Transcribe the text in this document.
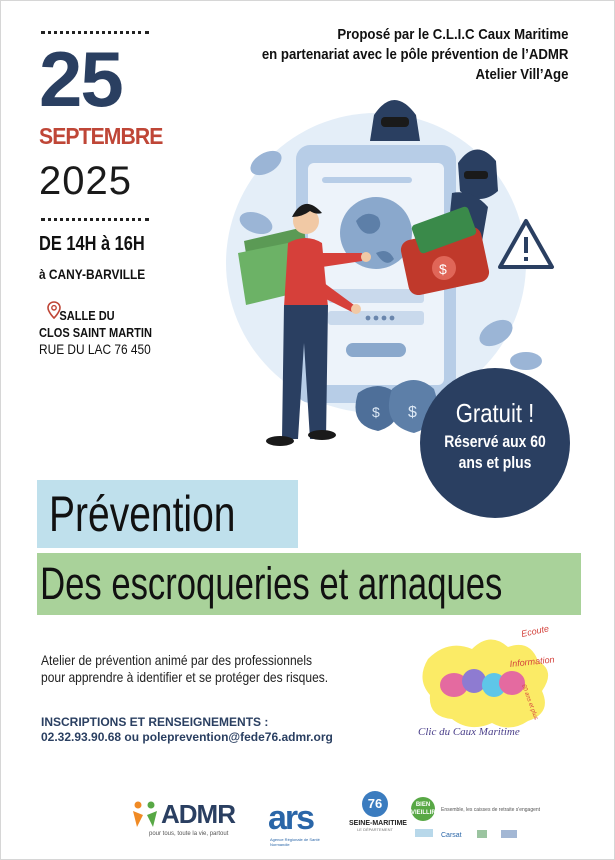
25
SEPTEMBRE
2025
DE 14H à 16H
à CANY-BARVILLE
SALLE DU
CLOS SAINT MARTIN
RUE DU LAC 76 450
Proposé par le C.L.I.C Caux Maritime
en partenariat avec le pôle prévention de l’ADMR
Atelier Vill’Age
$
$ $	Gratuit !
Réservé aux 60 ans et plus
Prévention
Des escroqueries et arnaques
Atelier de prévention animé par des professionnels
pour apprendre à identifier et se protéger des risques.
INSCRIPTIONS ET RENSEIGNEMENTS :
02.32.93.90.68 ou poleprevention@fede76.admr.org
Ecoute
Information
60 ans et plus
Clic du Caux Maritime
ADMR
pour tous, toute la vie, partout ars
Agence Régionale de Santé Normandie
76
SEINE-MARITIME
LE DÉPARTEMENT
BIEN VIEILLIR Ensemble, les caisses de retraite s'engagent
Carsat
